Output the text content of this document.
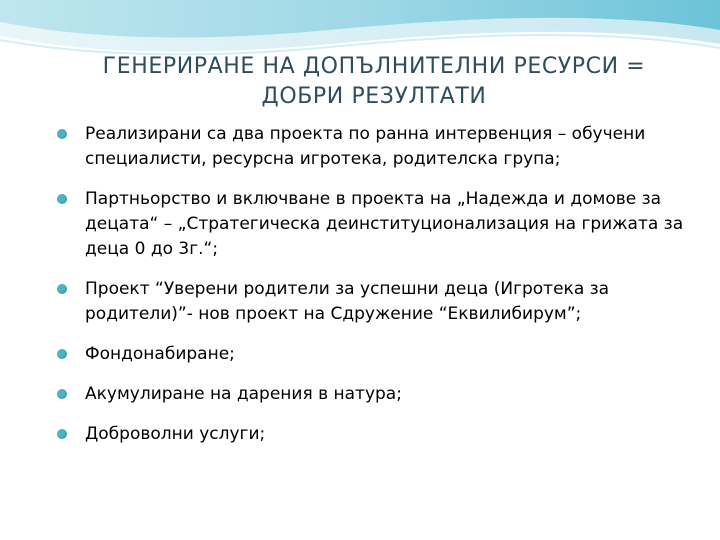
ГЕНЕРИРАНЕ НА ДОПЪЛНИТЕЛНИ РЕСУРСИ =
ДОБРИ РЕЗУЛТАТИ
Реализирани са два проекта по ранна интервенция – обучени специалисти, ресурсна игротека, родителска група;
Партньорство и включване в проекта на „Надежда и домове за децата“ – „Стратегическа деинституционализация на грижата за деца 0 до 3г.“;
Проект “Уверени родители за успешни деца (Игротека за родители)”- нов проект на Сдружение “Еквилибирум”;
Фондонабиране;
Акумулиране на дарения в натура;
Доброволни услуги;
